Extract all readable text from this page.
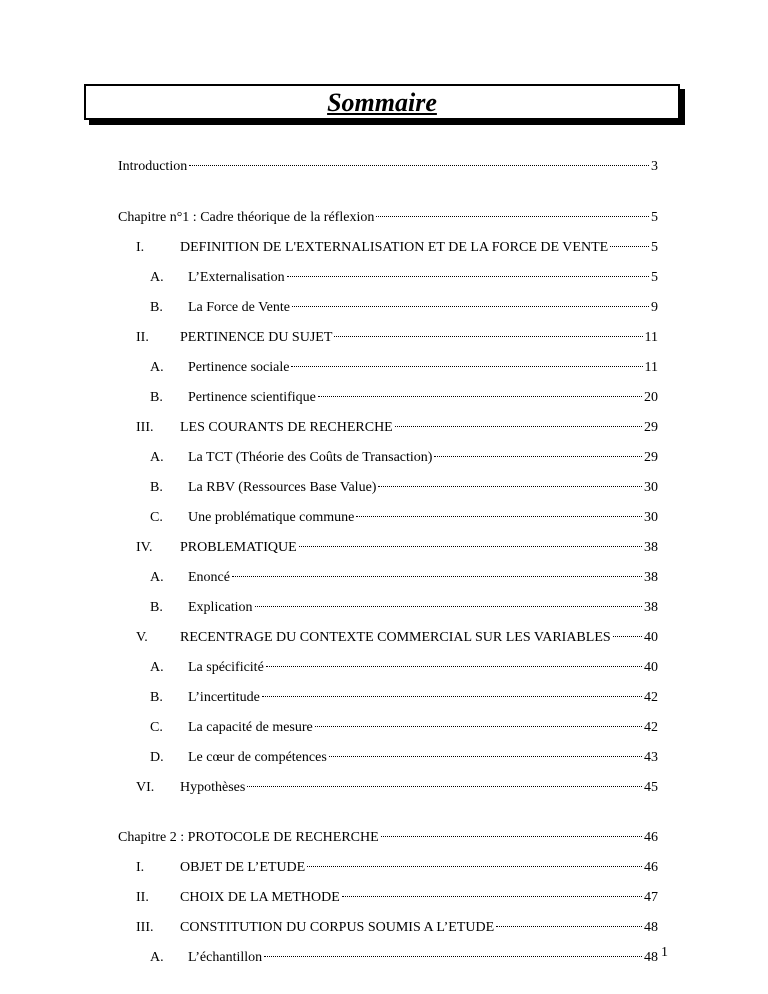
Sommaire
Introduction	3
Chapitre n°1 : Cadre théorique de la réflexion	5
I.	DEFINITION DE L'EXTERNALISATION ET DE LA FORCE DE VENTE	5
A.	L’Externalisation	5
B.	La Force de Vente	9
II.	PERTINENCE DU SUJET	11
A.	Pertinence sociale	11
B.	Pertinence scientifique	20
III.	LES COURANTS DE RECHERCHE	29
A.	La TCT (Théorie des Coûts de Transaction)	29
B.	La RBV (Ressources Base Value)	30
C.	Une problématique commune	30
IV.	PROBLEMATIQUE	38
A.	Enoncé	38
B.	Explication	38
V.	RECENTRAGE DU CONTEXTE COMMERCIAL SUR LES VARIABLES 40
A.	La spécificité	40
B.	L’incertitude	42
C.	La capacité de mesure	42
D.	Le cœur de compétences	43
VI.	Hypothèses	45
Chapitre 2 : PROTOCOLE DE RECHERCHE	46
I.	OBJET DE L’ETUDE	46
II.	CHOIX DE LA METHODE	47
III.	CONSTITUTION DU CORPUS SOUMIS A L’ETUDE	48
A.	L’échantillon	48 1
